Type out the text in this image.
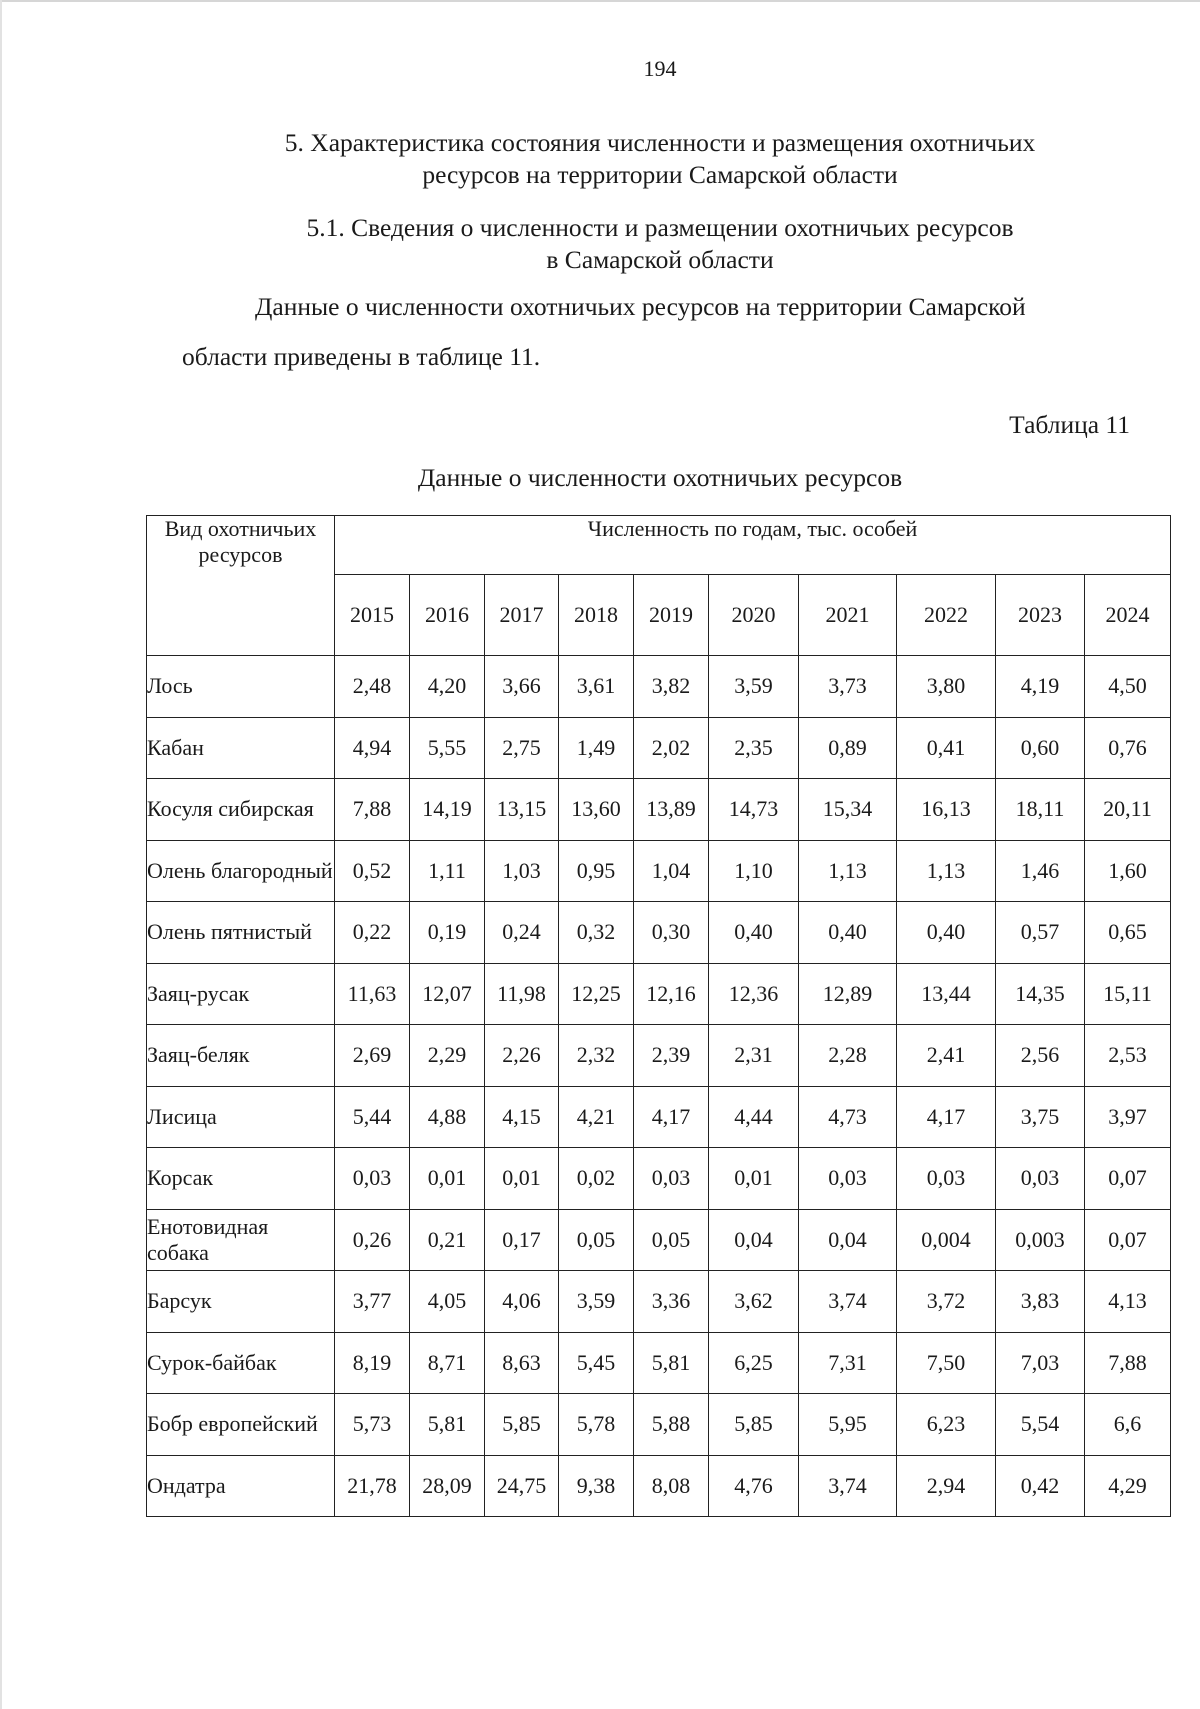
194
5. Характеристика состояния численности и размещения охотничьих
ресурсов на территории Самарской области
5.1. Сведения о численности и размещении охотничьих ресурсов
в Самарской области
Данные о численности охотничьих ресурсов на территории Самарской
области приведены в таблице 11.
Таблица 11
Данные о численности охотничьих ресурсов
Вид охотничьих ресурсов	Численность по годам, тыс. особей									
	2015	2016	2017	2018	2019	2020	2021	2022	2023	2024
Лось	2,48	4,20	3,66	3,61	3,82	3,59	3,73	3,80	4,19	4,50
Кабан	4,94	5,55	2,75	1,49	2,02	2,35	0,89	0,41	0,60	0,76
Косуля сибирская	7,88	14,19	13,15	13,60	13,89	14,73	15,34	16,13	18,11	20,11
Олень благородный	0,52	1,11	1,03	0,95	1,04	1,10	1,13	1,13	1,46	1,60
Олень пятнистый	0,22	0,19	0,24	0,32	0,30	0,40	0,40	0,40	0,57	0,65
Заяц-русак	11,63	12,07	11,98	12,25	12,16	12,36	12,89	13,44	14,35	15,11
Заяц-беляк	2,69	2,29	2,26	2,32	2,39	2,31	2,28	2,41	2,56	2,53
Лисица	5,44	4,88	4,15	4,21	4,17	4,44	4,73	4,17	3,75	3,97
Корсак	0,03	0,01	0,01	0,02	0,03	0,01	0,03	0,03	0,03	0,07
Енотовидная собака	0,26	0,21	0,17	0,05	0,05	0,04	0,04	0,004	0,003	0,07
Барсук	3,77	4,05	4,06	3,59	3,36	3,62	3,74	3,72	3,83	4,13
Сурок-байбак	8,19	8,71	8,63	5,45	5,81	6,25	7,31	7,50	7,03	7,88
Бобр европейский	5,73	5,81	5,85	5,78	5,88	5,85	5,95	6,23	5,54	6,6
Ондатра	21,78	28,09	24,75	9,38	8,08	4,76	3,74	2,94	0,42	4,29
